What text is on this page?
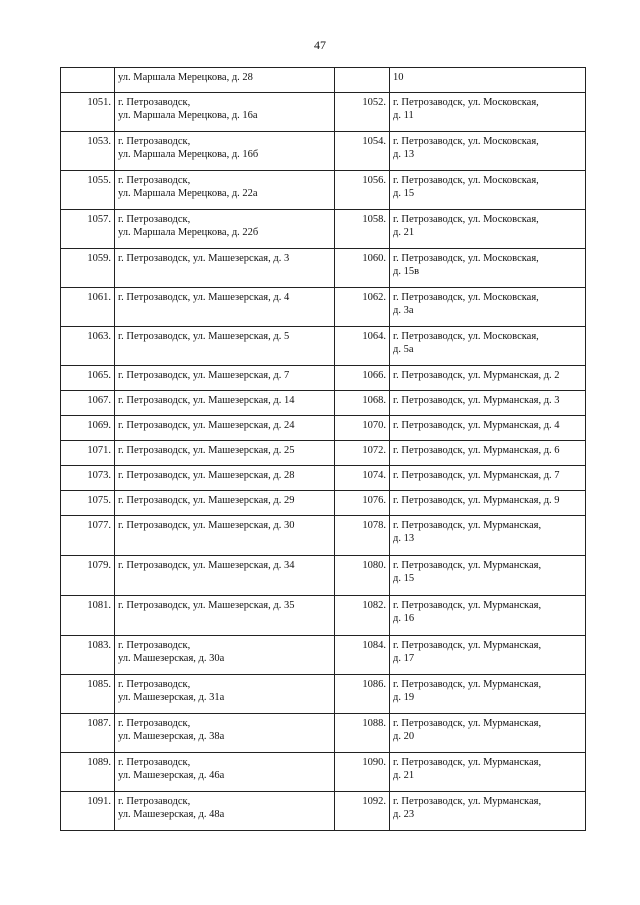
47
	ул. Маршала Мерецкова, д. 28		10
1051.	г. Петрозаводск,
ул. Маршала Мерецкова, д. 16а	1052.	г. Петрозаводск, ул. Московская,
д. 11
1053.	г. Петрозаводск,
ул. Маршала Мерецкова, д. 16б	1054.	г. Петрозаводск, ул. Московская,
д. 13
1055.	г. Петрозаводск,
ул. Маршала Мерецкова, д. 22а	1056.	г. Петрозаводск, ул. Московская,
д. 15
1057.	г. Петрозаводск,
ул. Маршала Мерецкова, д. 22б	1058.	г. Петрозаводск, ул. Московская,
д. 21
1059.	г. Петрозаводск, ул. Машезерская, д. 3	1060.	г. Петрозаводск, ул. Московская,
д. 15в
1061.	г. Петрозаводск, ул. Машезерская, д. 4	1062.	г. Петрозаводск, ул. Московская,
д. 3а
1063.	г. Петрозаводск, ул. Машезерская, д. 5	1064.	г. Петрозаводск, ул. Московская,
д. 5а
1065.	г. Петрозаводск, ул. Машезерская, д. 7	1066.	г. Петрозаводск, ул. Мурманская, д. 2
1067.	г. Петрозаводск, ул. Машезерская, д. 14	1068.	г. Петрозаводск, ул. Мурманская, д. 3
1069.	г. Петрозаводск, ул. Машезерская, д. 24	1070.	г. Петрозаводск, ул. Мурманская, д. 4
1071.	г. Петрозаводск, ул. Машезерская, д. 25	1072.	г. Петрозаводск, ул. Мурманская, д. 6
1073.	г. Петрозаводск, ул. Машезерская, д. 28	1074.	г. Петрозаводск, ул. Мурманская, д. 7
1075.	г. Петрозаводск, ул. Машезерская, д. 29	1076.	г. Петрозаводск, ул. Мурманская, д. 9
1077.	г. Петрозаводск, ул. Машезерская, д. 30	1078.	г. Петрозаводск, ул. Мурманская,
д. 13
1079.	г. Петрозаводск, ул. Машезерская, д. 34	1080.	г. Петрозаводск, ул. Мурманская,
д. 15
1081.	г. Петрозаводск, ул. Машезерская, д. 35	1082.	г. Петрозаводск, ул. Мурманская,
д. 16
1083.	г. Петрозаводск,
ул. Машезерская, д. 30а	1084.	г. Петрозаводск, ул. Мурманская,
д. 17
1085.	г. Петрозаводск,
ул. Машезерская, д. 31а	1086.	г. Петрозаводск, ул. Мурманская,
д. 19
1087.	г. Петрозаводск,
ул. Машезерская, д. 38а	1088.	г. Петрозаводск, ул. Мурманская,
д. 20
1089.	г. Петрозаводск,
ул. Машезерская, д. 46а	1090.	г. Петрозаводск, ул. Мурманская,
д. 21
1091.	г. Петрозаводск,
ул. Машезерская, д. 48а	1092.	г. Петрозаводск, ул. Мурманская,
д. 23
